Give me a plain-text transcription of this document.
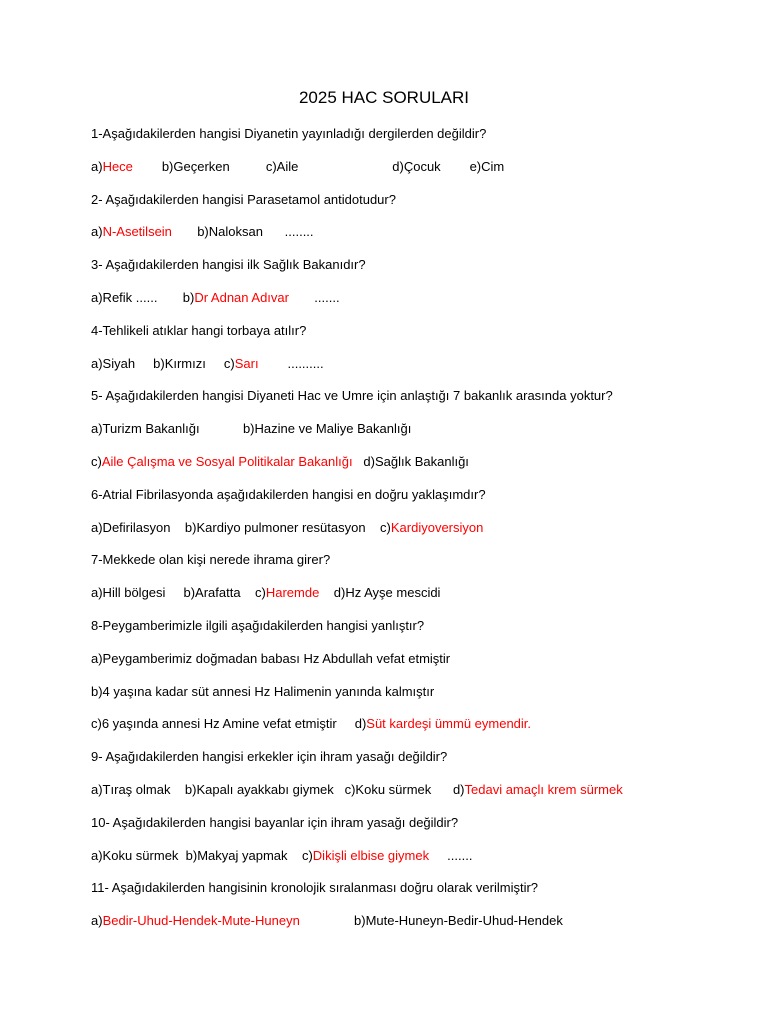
2025 HAC SORULARI
1-Aşağıdakilerden hangisi Diyanetin yayınladığı dergilerden değildir?
a)Hece        b)Geçerken          c)Aile                          d)Çocuk        e)Cim
2- Aşağıdakilerden hangisi Parasetamol antidotudur?
a)N-Asetilsein       b)Naloksan      ........
3- Aşağıdakilerden hangisi ilk Sağlık Bakanıdır?
a)Refik ......       b)Dr Adnan Adıvar       .......
4-Tehlikeli atıklar hangi torbaya atılır?
a)Siyah     b)Kırmızı     c)Sarı        ..........
5- Aşağıdakilerden hangisi Diyaneti Hac ve Umre için anlaştığı 7 bakanlık arasında yoktur?
a)Turizm Bakanlığı            b)Hazine ve Maliye Bakanlığı
c)Aile Çalışma ve Sosyal Politikalar Bakanlığı   d)Sağlık Bakanlığı
6-Atrial Fibrilasyonda aşağıdakilerden hangisi en doğru yaklaşımdır?
a)Defirilasyon    b)Kardiyo pulmoner resütasyon    c)Kardiyoversiyon
7-Mekkede olan kişi nerede ihrama girer?
a)Hill bölgesi     b)Arafatta    c)Haremde    d)Hz Ayşe mescidi
8-Peygamberimizle ilgili aşağıdakilerden hangisi yanlıştır?
a)Peygamberimiz doğmadan babası Hz Abdullah vefat etmiştir
b)4 yaşına kadar süt annesi Hz Halimenin yanında kalmıştır
c)6 yaşında annesi Hz Amine vefat etmiştir     d)Süt kardeşi ümmü eymendir.
9- Aşağıdakilerden hangisi erkekler için ihram yasağı değildir?
a)Tıraş olmak    b)Kapalı ayakkabı giymek   c)Koku sürmek      d)Tedavi amaçlı krem sürmek
10- Aşağıdakilerden hangisi bayanlar için ihram yasağı değildir?
a)Koku sürmek  b)Makyaj yapmak    c)Dikişli elbise giymek     .......
11- Aşağıdakilerden hangisinin kronolojik sıralanması doğru olarak verilmiştir?
a)Bedir-Uhud-Hendek-Mute-Huneyn               b)Mute-Huneyn-Bedir-Uhud-Hendek
